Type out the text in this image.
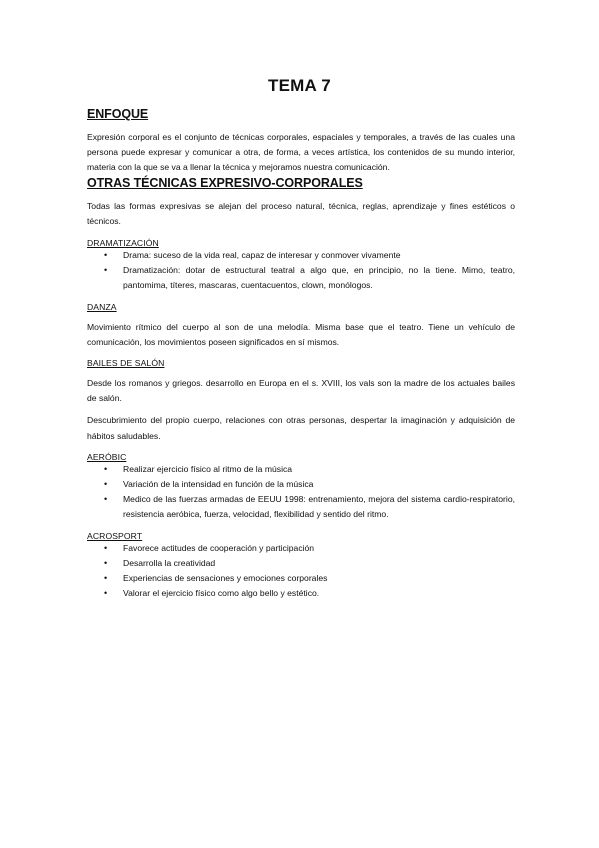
TEMA 7
ENFOQUE

Expresión corporal es el conjunto de técnicas corporales, espaciales y temporales, a través de las cuales una persona puede expresar y comunicar a otra, de forma, a veces artística, los contenidos de su mundo interior, materia con la que se va a llenar la técnica y mejoramos nuestra comunicación.

OTRAS TÉCNICAS EXPRESIVO-CORPORALES

Todas las formas expresivas se alejan del proceso natural, técnica, reglas, aprendizaje y fines estéticos o técnicos.

DRAMATIZACIÓN
• Drama: suceso de la vida real, capaz de interesar y conmover vivamente
• Dramatización: dotar de estructural teatral a algo que, en principio, no la tiene. Mimo, teatro, pantomima, títeres, mascaras, cuentacuentos, clown, monólogos.
DANZA

Movimiento rítmico del cuerpo al son de una melodía. Misma base que el teatro. Tiene un vehículo de comunicación, los movimientos poseen significados en sí mismos.

BAILES DE SALÓN

Desde los romanos y griegos. desarrollo en Europa en el s. XVIII, los vals son la madre de los actuales bailes de salón.

Descubrimiento del propio cuerpo, relaciones con otras personas, despertar la imaginación y adquisición de hábitos saludables.

AERÓBIC
• Realizar ejercicio físico al ritmo de la música
• Variación de la intensidad en función de la música
• Medico de las fuerzas armadas de EEUU 1998: entrenamiento, mejora del sistema cardio-respiratorio, resistencia aeróbica, fuerza, velocidad, flexibilidad y sentido del ritmo.
ACROSPORT
• Favorece actitudes de cooperación y participación
• Desarrolla la creatividad
• Experiencias de sensaciones y emociones corporales
• Valorar el ejercicio físico como algo bello y estético.
